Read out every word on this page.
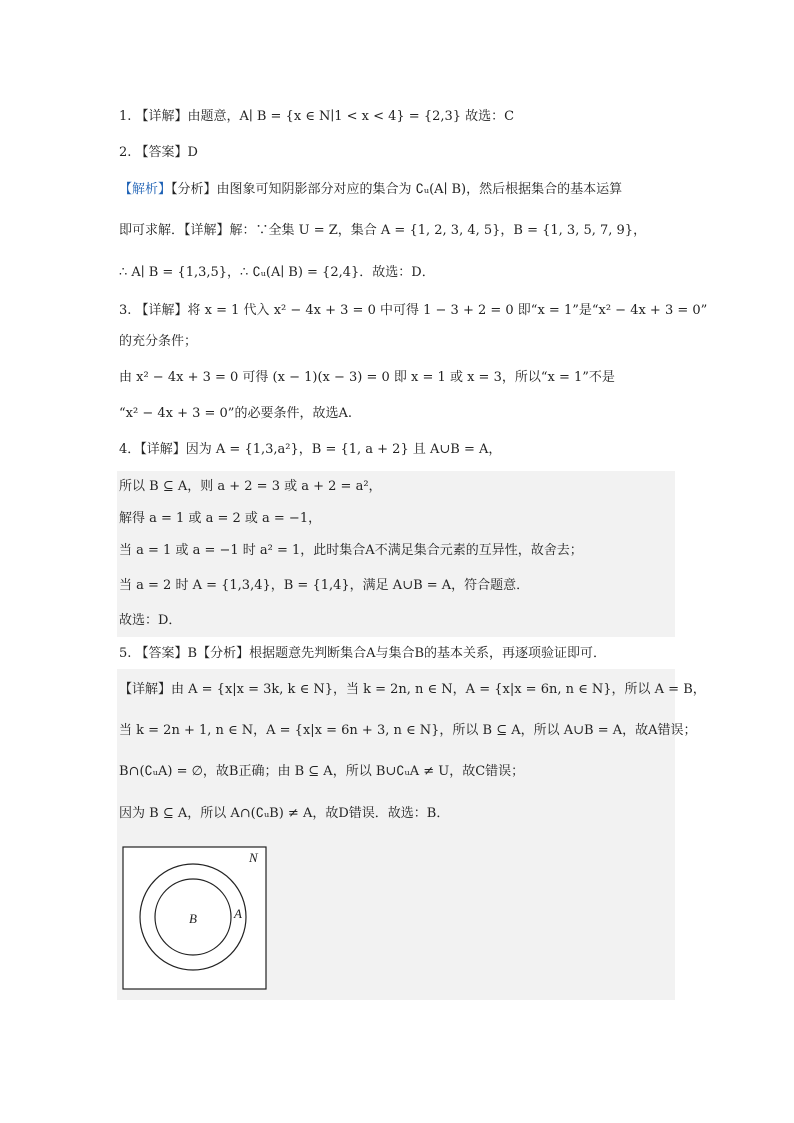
1. 【详解】由题意，A∣ B = {x ∈ N∣1 < x < 4} = {2,3} 故选：C
2. 【答案】D
【解析】【分析】由图象可知阴影部分对应的集合为 ∁ᵤ(A∣ B)，然后根据集合的基本运算
即可求解．【详解】解：∵全集 U = Z，集合 A = {1, 2, 3, 4, 5}，B = {1, 3, 5, 7, 9}，
∴ A∣ B = {1,3,5}，∴ ∁ᵤ(A∣ B) = {2,4}．故选：D．
3. 【详解】将 x = 1 代入 x² − 4x + 3 = 0 中可得 1 − 3 + 2 = 0 即“x = 1”是“x² − 4x + 3 = 0”
的充分条件；
由 x² − 4x + 3 = 0 可得 (x − 1)(x − 3) = 0 即 x = 1 或 x = 3，所以“x = 1”不是
“x² − 4x + 3 = 0”的必要条件，故选A.
4．【详解】因为 A = {1,3,a²}，B = {1, a + 2} 且 A∪B = A，
所以 B ⊆ A，则 a + 2 = 3 或 a + 2 = a²，
解得 a = 1 或 a = 2 或 a = −1，
当 a = 1 或 a = −1 时 a² = 1，此时集合A不满足集合元素的互异性，故舍去；
当 a = 2 时 A = {1,3,4}，B = {1,4}，满足 A∪B = A，符合题意．
故选：D．
5. 【答案】B【分析】根据题意先判断集合A与集合B的基本关系，再逐项验证即可．
【详解】由 A = {x|x = 3k, k ∈ N}，当 k = 2n, n ∈ N，A = {x|x = 6n, n ∈ N}，所以 A = B，
当 k = 2n + 1, n ∈ N，A = {x|x = 6n + 3, n ∈ N}，所以 B ⊆ A，所以 A∪B = A，故A错误；
B∩(∁ᵤA) = ∅，故B正确；由 B ⊆ A，所以 B∪∁ᵤA ≠ U，故C错误；
因为 B ⊆ A，所以 A∩(∁ᵤB) ≠ A，故D错误．故选：B．
N
A
B
